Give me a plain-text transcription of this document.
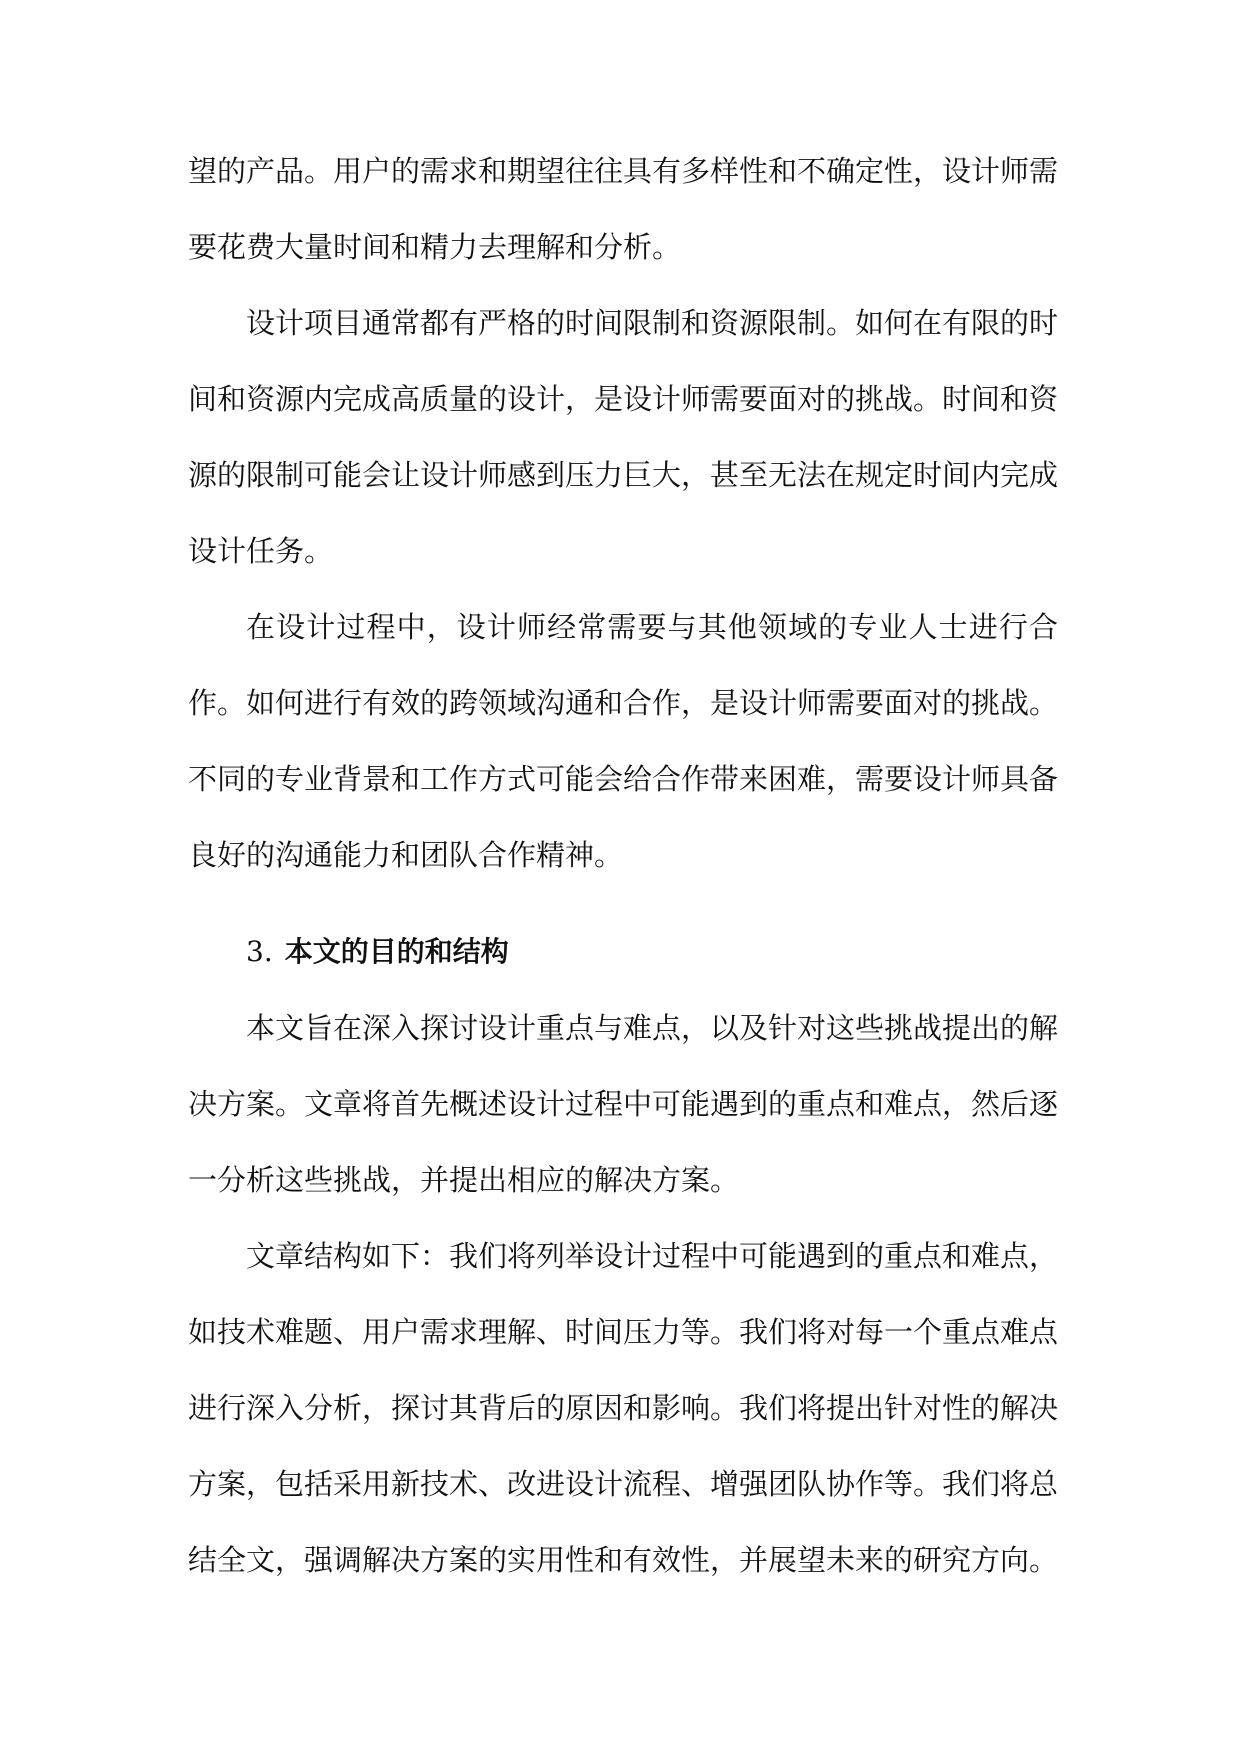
望的产品。用户的需求和期望往往具有多样性和不确定性，设计师需要花费大量时间和精力去理解和分析。

设计项目通常都有严格的时间限制和资源限制。如何在有限的时间和资源内完成高质量的设计，是设计师需要面对的挑战。时间和资源的限制可能会让设计师感到压力巨大，甚至无法在规定时间内完成设计任务。

在设计过程中，设计师经常需要与其他领域的专业人士进行合作。如何进行有效的跨领域沟通和合作，是设计师需要面对的挑战。不同的专业背景和工作方式可能会给合作带来困难，需要设计师具备良好的沟通能力和团队合作精神。

3. 本文的目的和结构

本文旨在深入探讨设计重点与难点，以及针对这些挑战提出的解决方案。文章将首先概述设计过程中可能遇到的重点和难点，然后逐一分析这些挑战，并提出相应的解决方案。

文章结构如下：我们将列举设计过程中可能遇到的重点和难点，如技术难题、用户需求理解、时间压力等。我们将对每一个重点难点进行深入分析，探讨其背后的原因和影响。我们将提出针对性的解决方案，包括采用新技术、改进设计流程、增强团队协作等。我们将总结全文，强调解决方案的实用性和有效性，并展望未来的研究方向。
